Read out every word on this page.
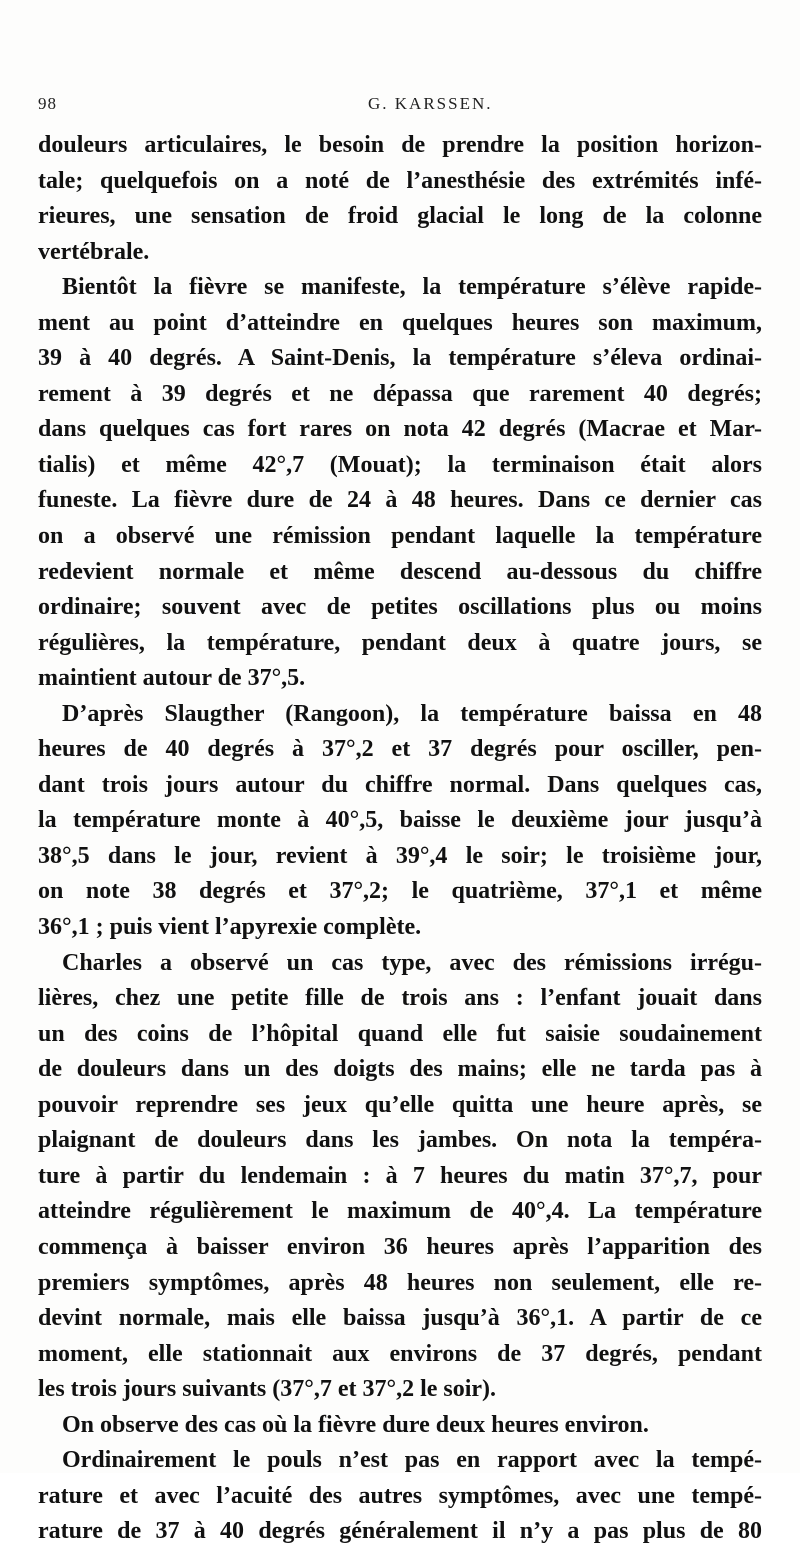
98	G. KARSSEN.
douleurs articulaires, le besoin de prendre la position horizon-
tale; quelquefois on a noté de l’anesthésie des extrémités infé-
rieures, une sensation de froid glacial le long de la colonne
vertébrale.
Bientôt la fièvre se manifeste, la température s’élève rapide-
ment au point d’atteindre en quelques heures son maximum,
39 à 40 degrés. A Saint-Denis, la température s’éleva ordinai-
rement à 39 degrés et ne dépassa que rarement 40 degrés;
dans quelques cas fort rares on nota 42 degrés (Macrae et Mar-
tialis) et même 42°,7 (Mouat); la terminaison était alors
funeste. La fièvre dure de 24 à 48 heures. Dans ce dernier cas
on a observé une rémission pendant laquelle la température
redevient normale et même descend au-dessous du chiffre
ordinaire; souvent avec de petites oscillations plus ou moins
régulières, la température, pendant deux à quatre jours, se
maintient autour de 37°,5.
D’après Slaugther (Rangoon), la température baissa en 48
heures de 40 degrés à 37°,2 et 37 degrés pour osciller, pen-
dant trois jours autour du chiffre normal. Dans quelques cas,
la température monte à 40°,5, baisse le deuxième jour jusqu’à
38°,5 dans le jour, revient à 39°,4 le soir; le troisième jour,
on note 38 degrés et 37°,2; le quatrième, 37°,1 et même
36°,1 ; puis vient l’apyrexie complète.
Charles a observé un cas type, avec des rémissions irrégu-
lières, chez une petite fille de trois ans : l’enfant jouait dans
un des coins de l’hôpital quand elle fut saisie soudainement
de douleurs dans un des doigts des mains; elle ne tarda pas à
pouvoir reprendre ses jeux qu’elle quitta une heure après, se
plaignant de douleurs dans les jambes. On nota la tempéra-
ture à partir du lendemain : à 7 heures du matin 37°,7, pour
atteindre régulièrement le maximum de 40°,4. La température
commença à baisser environ 36 heures après l’apparition des
premiers symptômes, après 48 heures non seulement, elle re-
devint normale, mais elle baissa jusqu’à 36°,1. A partir de ce
moment, elle stationnait aux environs de 37 degrés, pendant
les trois jours suivants (37°,7 et 37°,2 le soir).
On observe des cas où la fièvre dure deux heures environ.
Ordinairement le pouls n’est pas en rapport avec la tempé-
rature et avec l’acuité des autres symptômes, avec une tempé-
rature de 37 à 40 degrés généralement il n’y a pas plus de 80
